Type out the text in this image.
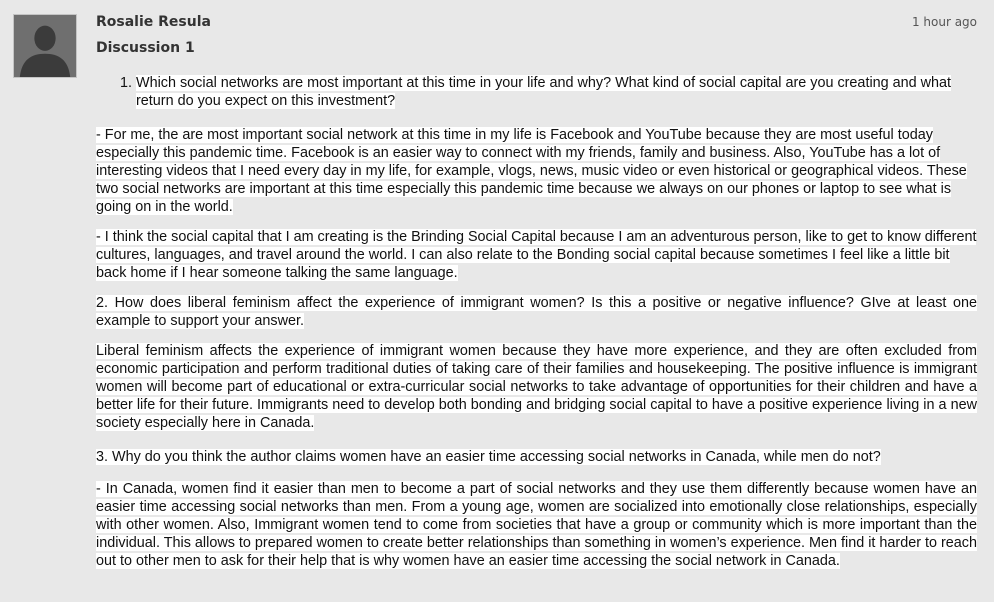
Rosalie Resula	1 hour ago
Discussion 1
1. Which social networks are most important at this time in your life and why? What kind of social capital are you creating and what return do you expect on this investment?
- For me, the are most important social network at this time in my life is Facebook and YouTube because they are most useful today especially this pandemic time. Facebook is an easier way to connect with my friends, family and business. Also, YouTube has a lot of interesting videos that I need every day in my life, for example, vlogs, news, music video or even historical or geographical videos. These two social networks are important at this time especially this pandemic time because we always on our phones or laptop to see what is going on in the world.
- I think the social capital that I am creating is the Brinding Social Capital because I am an adventurous person, like to get to know different cultures, languages, and travel around the world. I can also relate to the Bonding social capital because sometimes I feel like a little bit back home if I hear someone talking the same language.
2. How does liberal feminism affect the experience of immigrant women? Is this a positive or negative influence? GIve at least one example to support your answer.
Liberal feminism affects the experience of immigrant women because they have more experience, and they are often excluded from economic participation and perform traditional duties of taking care of their families and housekeeping. The positive influence is immigrant women will become part of educational or extra-curricular social networks to take advantage of opportunities for their children and have a better life for their future. Immigrants need to develop both bonding and bridging social capital to have a positive experience living in a new society especially here in Canada.
3. Why do you think the author claims women have an easier time accessing social networks in Canada, while men do not?
- In Canada, women find it easier than men to become a part of social networks and they use them differently because women have an easier time accessing social networks than men. From a young age, women are socialized into emotionally close relationships, especially with other women. Also, Immigrant women tend to come from societies that have a group or community which is more important than the individual. This allows to prepared women to create better relationships than something in women’s experience. Men find it harder to reach out to other men to ask for their help that is why women have an easier time accessing the social network in Canada.
